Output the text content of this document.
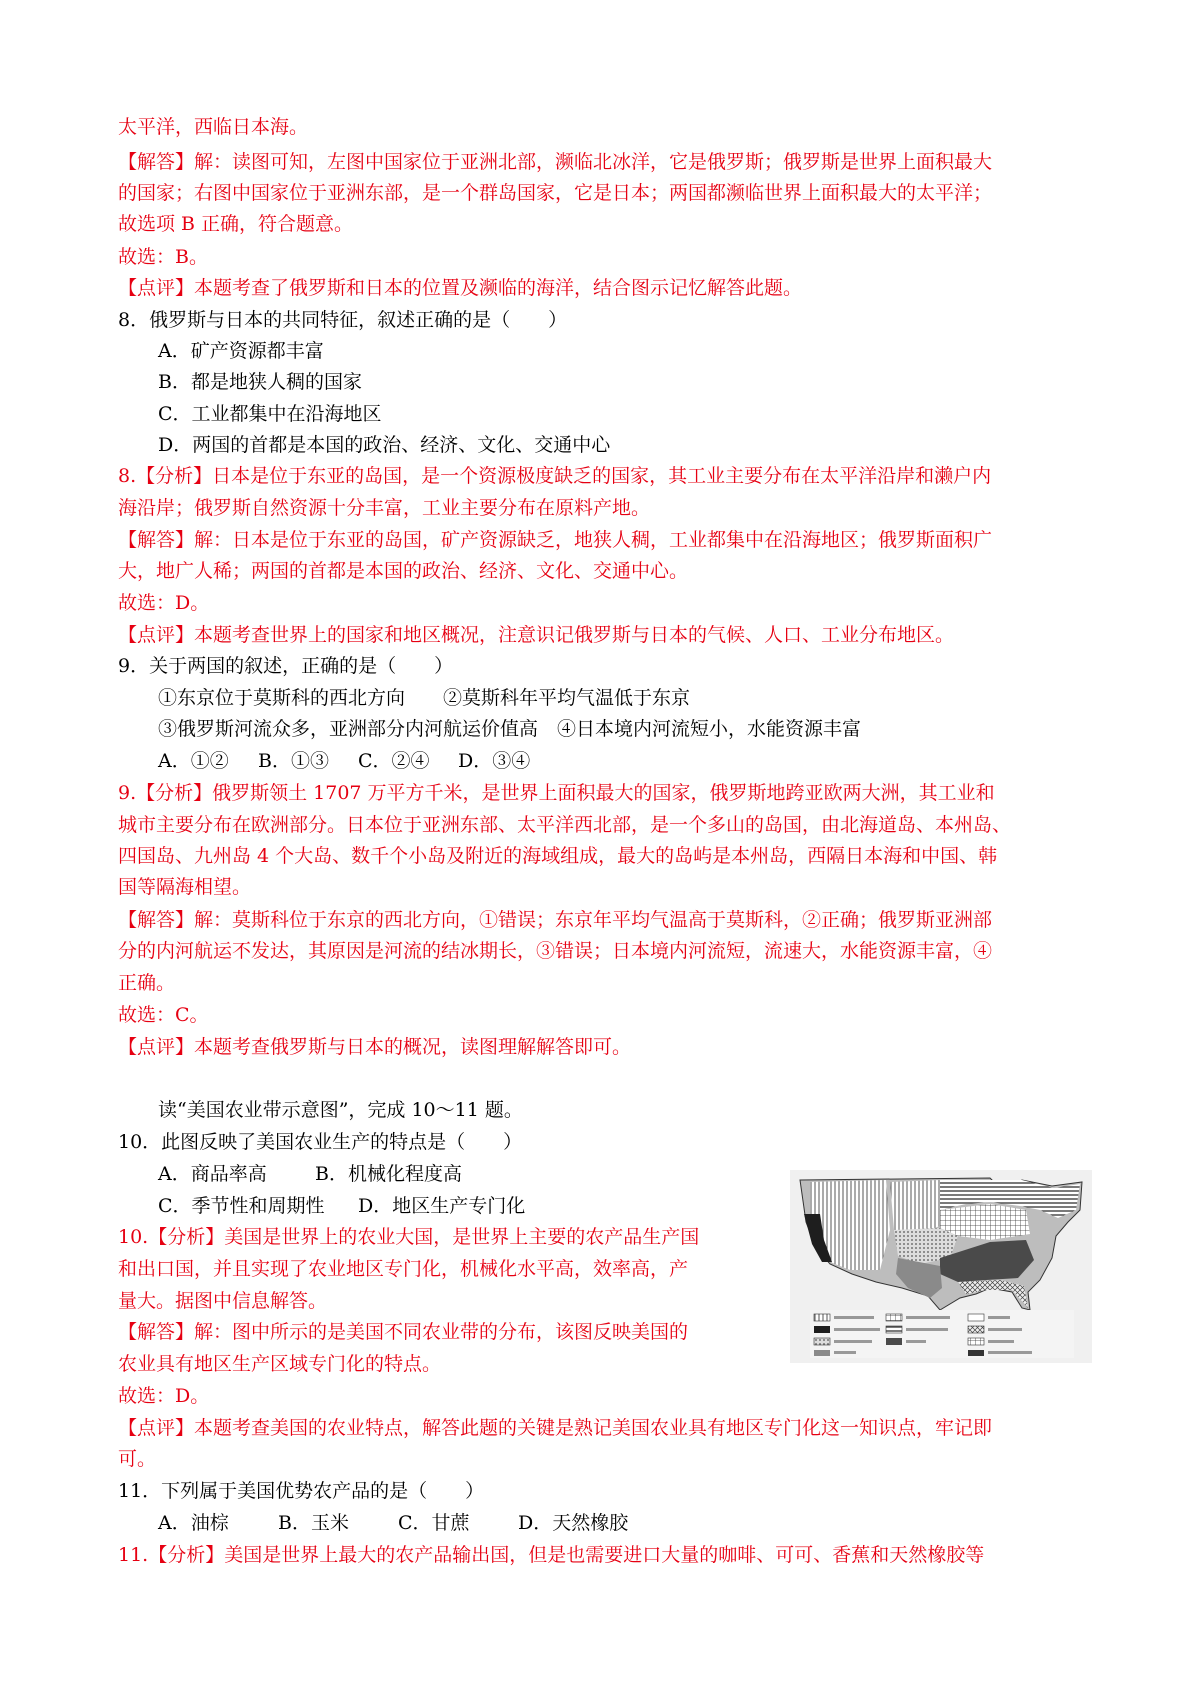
太平洋，西临日本海。
【解答】解：读图可知，左图中国家位于亚洲北部，濒临北冰洋，它是俄罗斯；俄罗斯是世界上面积最大
的国家；右图中国家位于亚洲东部，是一个群岛国家，它是日本；两国都濒临世界上面积最大的太平洋；
故选项 B 正确，符合题意。
故选：B。
【点评】本题考查了俄罗斯和日本的位置及濒临的海洋，结合图示记忆解答此题。
8．俄罗斯与日本的共同特征，叙述正确的是（　　）
A．矿产资源都丰富
B．都是地狭人稠的国家
C．工业都集中在沿海地区
D．两国的首都是本国的政治、经济、文化、交通中心
8.【分析】日本是位于东亚的岛国，是一个资源极度缺乏的国家，其工业主要分布在太平洋沿岸和濑户内
海沿岸；俄罗斯自然资源十分丰富，工业主要分布在原料产地。
【解答】解：日本是位于东亚的岛国，矿产资源缺乏，地狭人稠，工业都集中在沿海地区；俄罗斯面积广
大，地广人稀；两国的首都是本国的政治、经济、文化、交通中心。
故选：D。
【点评】本题考查世界上的国家和地区概况，注意识记俄罗斯与日本的气候、人口、工业分布地区。
9．关于两国的叙述，正确的是（　　）
①东京位于莫斯科的西北方向　　②莫斯科年平均气温低于东京
③俄罗斯河流众多，亚洲部分内河航运价值高　④日本境内河流短小，水能资源丰富
A．①② B．①③ C．②④ D．③④
9.【分析】俄罗斯领土 1707 万平方千米，是世界上面积最大的国家，俄罗斯地跨亚欧两大洲，其工业和
城市主要分布在欧洲部分。日本位于亚洲东部、太平洋西北部，是一个多山的岛国，由北海道岛、本州岛、
四国岛、九州岛 4 个大岛、数千个小岛及附近的海域组成，最大的岛屿是本州岛，西隔日本海和中国、韩
国等隔海相望。
【解答】解：莫斯科位于东京的西北方向，①错误；东京年平均气温高于莫斯科，②正确；俄罗斯亚洲部
分的内河航运不发达，其原因是河流的结冰期长，③错误；日本境内河流短，流速大，水能资源丰富，④
正确。
故选：C。
【点评】本题考查俄罗斯与日本的概况，读图理解解答即可。
读“美国农业带示意图”，完成 10～11 题。
10．此图反映了美国农业生产的特点是（　　）
A．商品率高	B．机械化程度高
C．季节性和周期性 D．地区生产专门化
10.【分析】美国是世界上的农业大国，是世界上主要的农产品生产国
和出口国，并且实现了农业地区专门化，机械化水平高，效率高，产
量大。据图中信息解答。
【解答】解：图中所示的是美国不同农业带的分布，该图反映美国的
农业具有地区生产区域专门化的特点。
故选：D。
【点评】本题考查美国的农业特点，解答此题的关键是熟记美国农业具有地区专门化这一知识点，牢记即
可。
11．下列属于美国优势农产品的是（　　）
A．油棕	B．玉米	C．甘蔗	D．天然橡胶
11.【分析】美国是世界上最大的农产品输出国，但是也需要进口大量的咖啡、可可、香蕉和天然橡胶等
